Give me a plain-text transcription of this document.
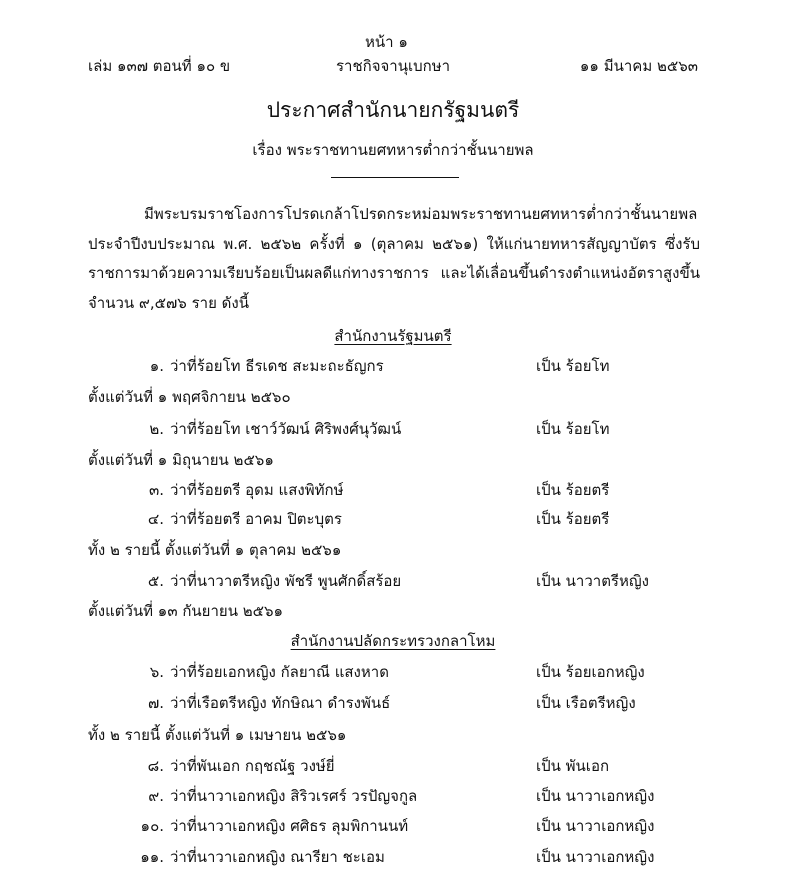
หน้า ๑
เล่ม ๑๓๗ ตอนที่ ๑๐ ข	ราชกิจจานุเบกษา	๑๑ มีนาคม ๒๕๖๓
ประกาศสำนักนายกรัฐมนตรี
เรื่อง พระราชทานยศทหารต่ำกว่าชั้นนายพล
มีพระบรมราชโองการโปรดเกล้าโปรดกระหม่อมพระราชทานยศทหารต่ำกว่าชั้นนายพล ประจำปีงบประมาณ พ.ศ. ๒๕๖๒ ครั้งที่ ๑ (ตุลาคม ๒๕๖๑) ให้แก่นายทหารสัญญาบัตร ซึ่งรับราชการมาด้วยความเรียบร้อยเป็นผลดีแก่ทางราชการ และได้เลื่อนขึ้นดำรงตำแหน่งอัตราสูงขึ้น จำนวน ๙,๕๗๖ ราย ดังนี้
สำนักงานรัฐมนตรี
๑. ว่าที่ร้อยโท ธีรเดช สะมะถะธัญกร	เป็น ร้อยโท
ตั้งแต่วันที่ ๑ พฤศจิกายน ๒๕๖๐
๒. ว่าที่ร้อยโท เชาว์วัฒน์ ศิริพงศ์นุวัฒน์	เป็น ร้อยโท
ตั้งแต่วันที่ ๑ มิถุนายน ๒๕๖๑
๓. ว่าที่ร้อยตรี อุดม แสงพิทักษ์	เป็น ร้อยตรี
๔. ว่าที่ร้อยตรี อาคม ปิตะบุตร	เป็น ร้อยตรี
ทั้ง ๒ รายนี้ ตั้งแต่วันที่ ๑ ตุลาคม ๒๕๖๑
๕. ว่าที่นาวาตรีหญิง พัชรี พูนศักดิ์สร้อย	เป็น นาวาตรีหญิง
ตั้งแต่วันที่ ๑๓ กันยายน ๒๕๖๑
สำนักงานปลัดกระทรวงกลาโหม
๖. ว่าที่ร้อยเอกหญิง กัลยาณี แสงหาด	เป็น ร้อยเอกหญิง
๗. ว่าที่เรือตรีหญิง ทักษิณา ดำรงพันธ์	เป็น เรือตรีหญิง
ทั้ง ๒ รายนี้ ตั้งแต่วันที่ ๑ เมษายน ๒๕๖๑
๘. ว่าที่พันเอก กฤชณัฐ วงษ์ยี่	เป็น พันเอก
๙. ว่าที่นาวาเอกหญิง สิริวเรศร์ วรปัญจกูล	เป็น นาวาเอกหญิง
๑๐. ว่าที่นาวาเอกหญิง ศศิธร ลุมพิกานนท์	เป็น นาวาเอกหญิง
๑๑. ว่าที่นาวาเอกหญิง ณารียา ชะเอม	เป็น นาวาเอกหญิง
